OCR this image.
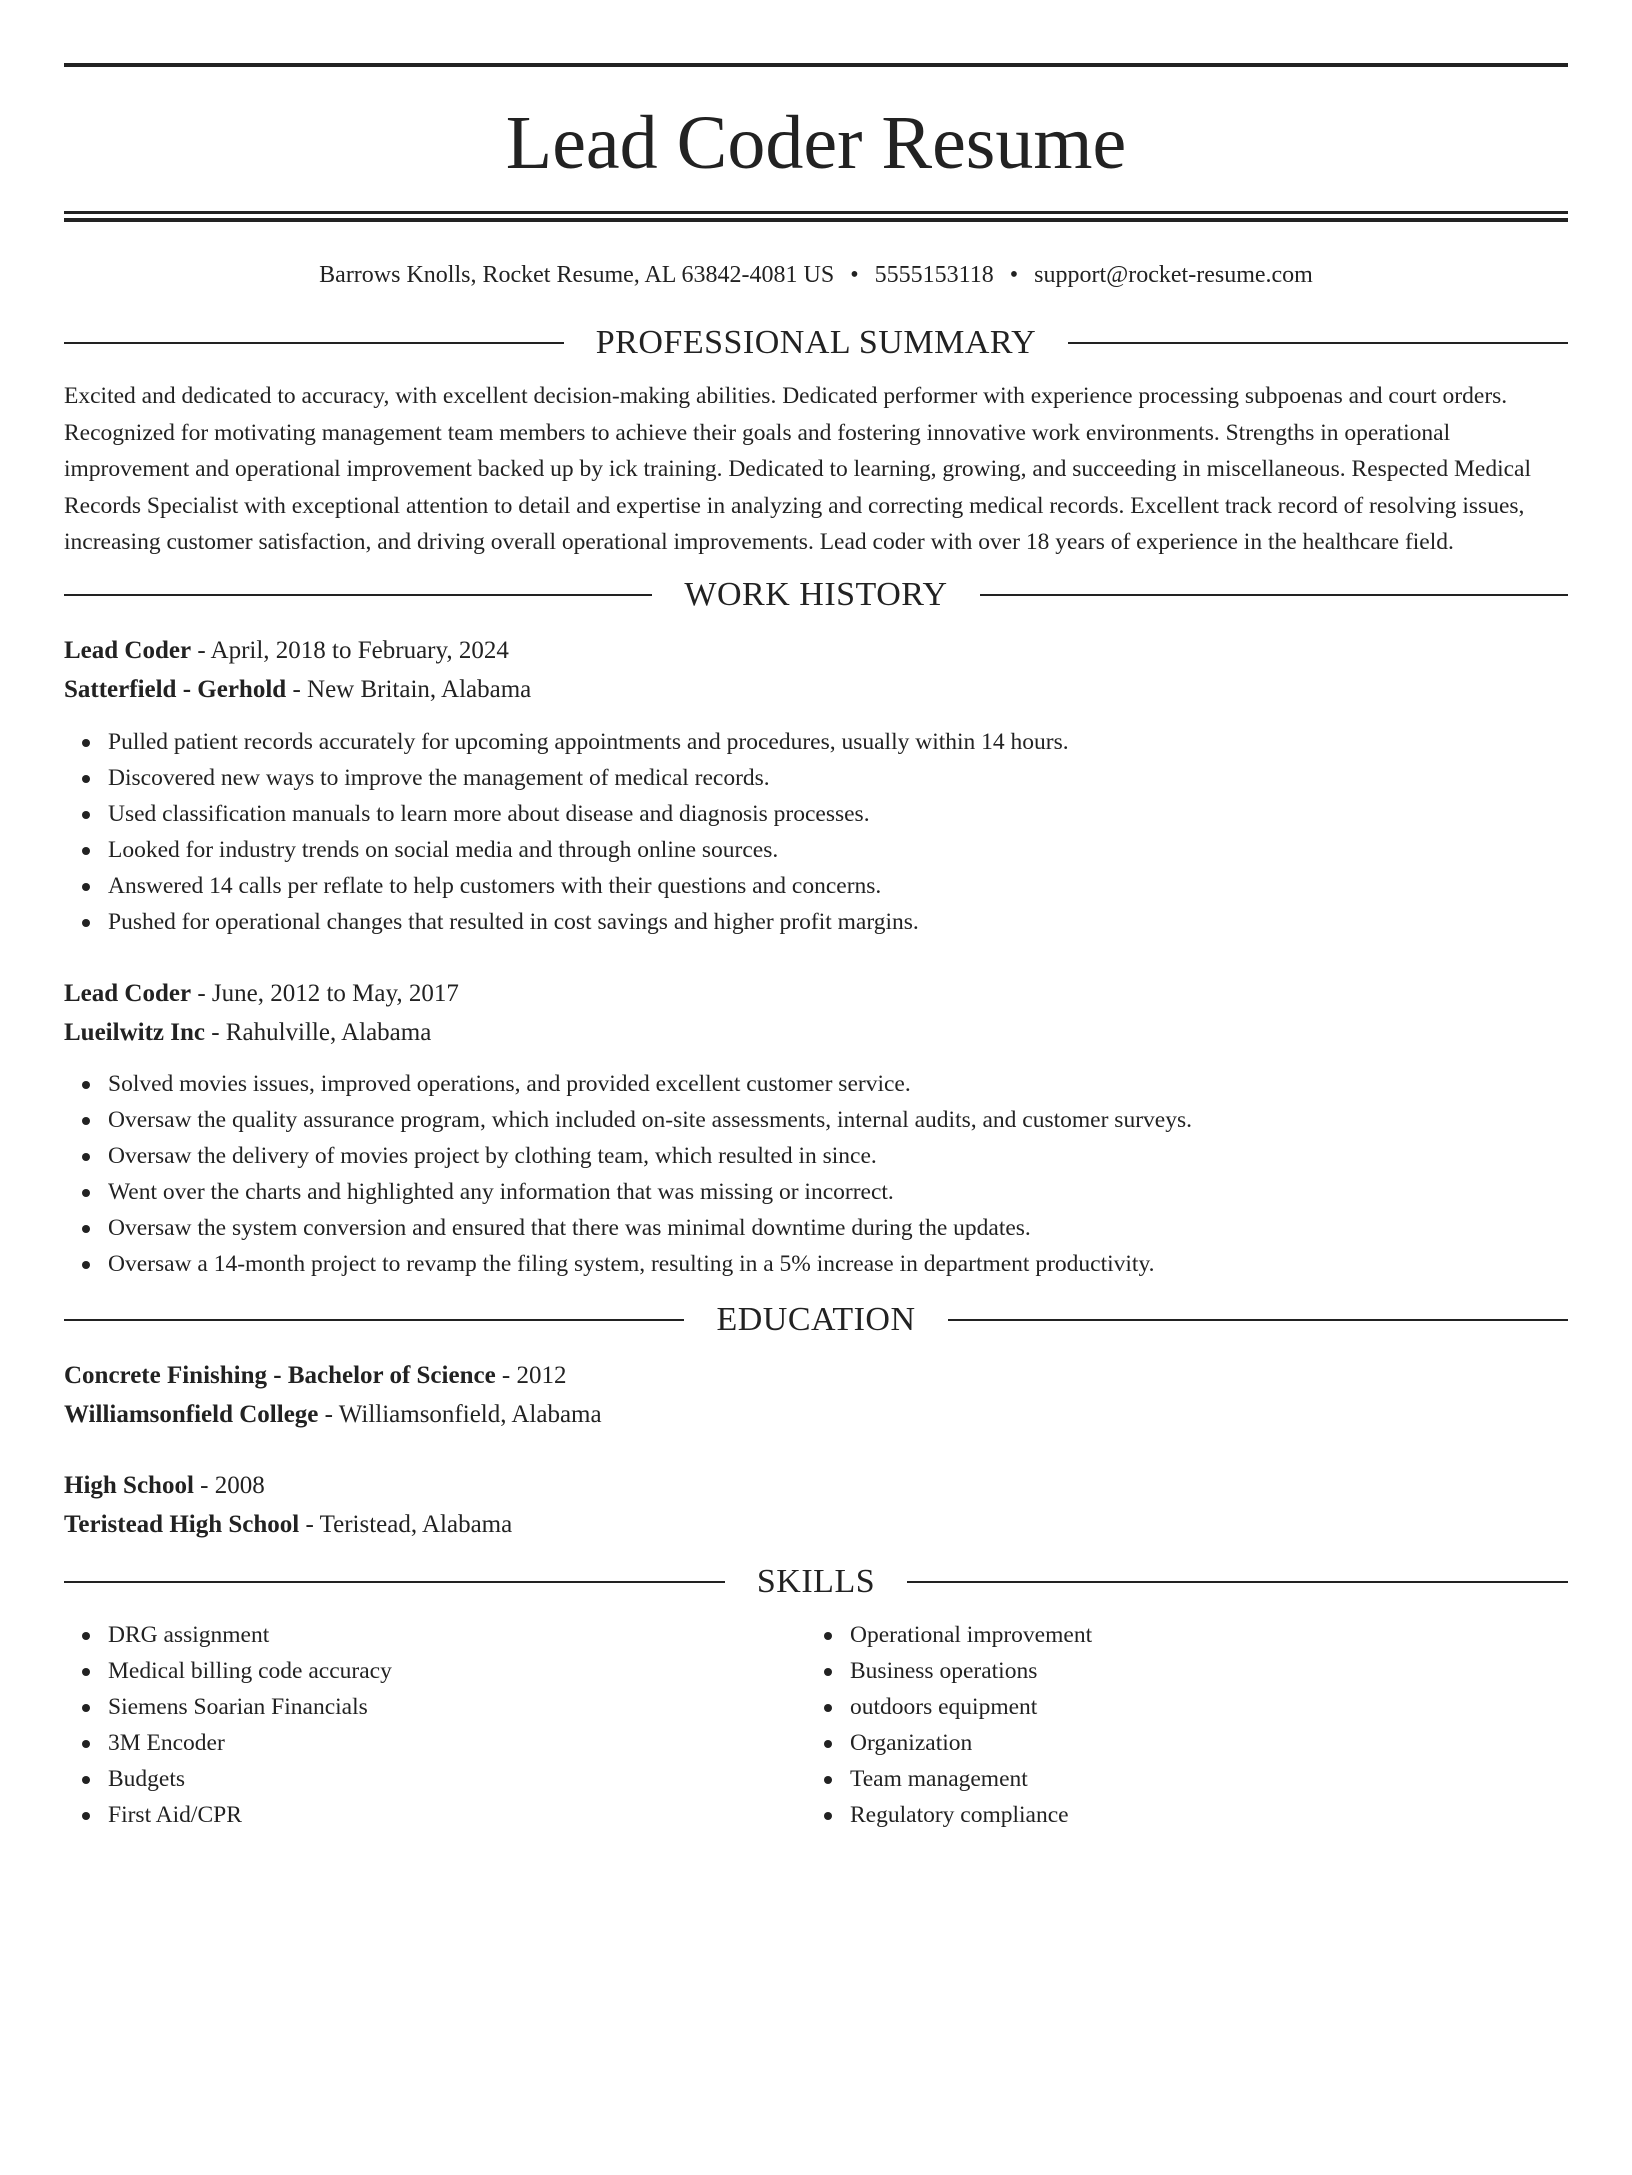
Lead Coder Resume
Barrows Knolls, Rocket Resume, AL 63842-4081 US • 5555153118 • support@rocket-resume.com
PROFESSIONAL SUMMARY

Excited and dedicated to accuracy, with excellent decision-making abilities. Dedicated performer with experience processing subpoenas and court orders. Recognized for motivating management team members to achieve their goals and fostering innovative work environments. Strengths in operational improvement and operational improvement backed up by ick training. Dedicated to learning, growing, and succeeding in miscellaneous. Respected Medical Records Specialist with exceptional attention to detail and expertise in analyzing and correcting medical records. Excellent track record of resolving issues, increasing customer satisfaction, and driving overall operational improvements. Lead coder with over 18 years of experience in the healthcare field.

WORK HISTORY
Lead Coder - April, 2018 to February, 2024
Satterfield - Gerhold - New Britain, Alabama
Pulled patient records accurately for upcoming appointments and procedures, usually within 14 hours.
Discovered new ways to improve the management of medical records.
Used classification manuals to learn more about disease and diagnosis processes.
Looked for industry trends on social media and through online sources.
Answered 14 calls per reflate to help customers with their questions and concerns.
Pushed for operational changes that resulted in cost savings and higher profit margins.
Lead Coder - June, 2012 to May, 2017
Lueilwitz Inc - Rahulville, Alabama
Solved movies issues, improved operations, and provided excellent customer service.
Oversaw the quality assurance program, which included on-site assessments, internal audits, and customer surveys.
Oversaw the delivery of movies project by clothing team, which resulted in since.
Went over the charts and highlighted any information that was missing or incorrect.
Oversaw the system conversion and ensured that there was minimal downtime during the updates.
Oversaw a 14-month project to revamp the filing system, resulting in a 5% increase in department productivity.
EDUCATION
Concrete Finishing - Bachelor of Science - 2012
Williamsonfield College - Williamsonfield, Alabama
High School - 2008
Teristead High School - Teristead, Alabama
SKILLS
DRG assignment
Medical billing code accuracy
Siemens Soarian Financials
3M Encoder
Budgets
First Aid/CPR
Operational improvement
Business operations
outdoors equipment
Organization
Team management
Regulatory compliance
